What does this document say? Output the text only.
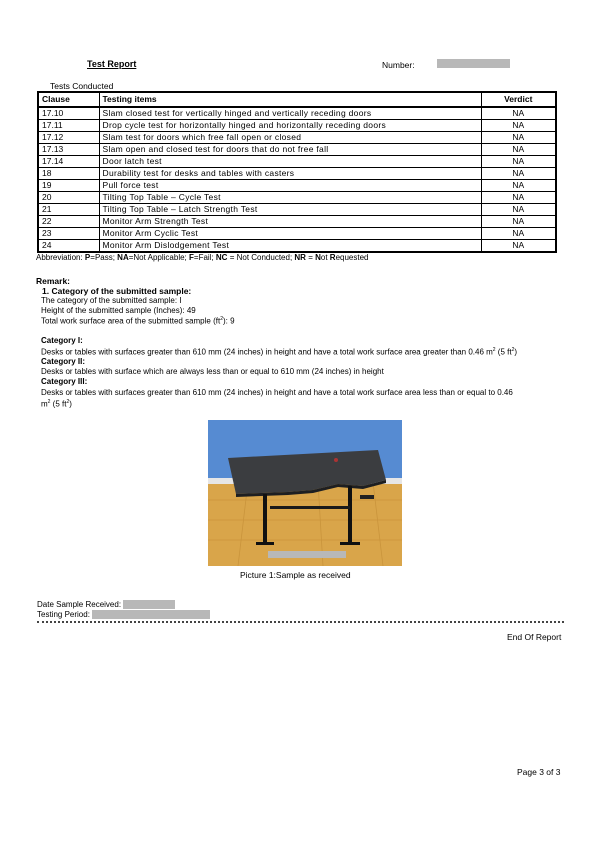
Test Report	Number:
Tests Conducted
Clause	Testing items	Verdict
17.10	Slam closed test for vertically hinged and vertically receding doors	NA
17.11	Drop cycle test for horizontally hinged and horizontally receding doors	NA
17.12	Slam test for doors which free fall open or closed	NA
17.13	Slam open and closed test for doors that do not free fall	NA
17.14	Door latch test	NA
18	Durability test for desks and tables with casters	NA
19	Pull force test	NA
20	Tilting Top Table – Cycle Test	NA
21	Tilting Top Table – Latch Strength Test	NA
22	Monitor Arm Strength Test	NA
23	Monitor Arm Cyclic Test	NA
24	Monitor Arm Dislodgement Test	NA
Abbreviation: P=Pass; NA=Not Applicable; F=Fail; NC = Not Conducted; NR = Not Requested
Remark:
1. Category of the submitted sample:
The category of the submitted sample: I
Height of the submitted sample (Inches): 49
Total work surface area of the submitted sample $(ft^2)$: 9
Category I:
Desks or tables with surfaces greater than 610 mm (24 inches) in height and have a total work surface area greater than 0.46 $m^2$ (5 $ft^2$)
Category II:
Desks or tables with surface which are always less than or equal to 610 mm (24 inches) in height
Category III:
Desks or tables with surfaces greater than 610 mm (24 inches) in height and have a total work surface area less than or equal to 0.46
$m^2$ (5 $ft^2$)
Picture 1:Sample as received
Date Sample Received:
Testing Period:
End Of Report
Page 3 of 3
